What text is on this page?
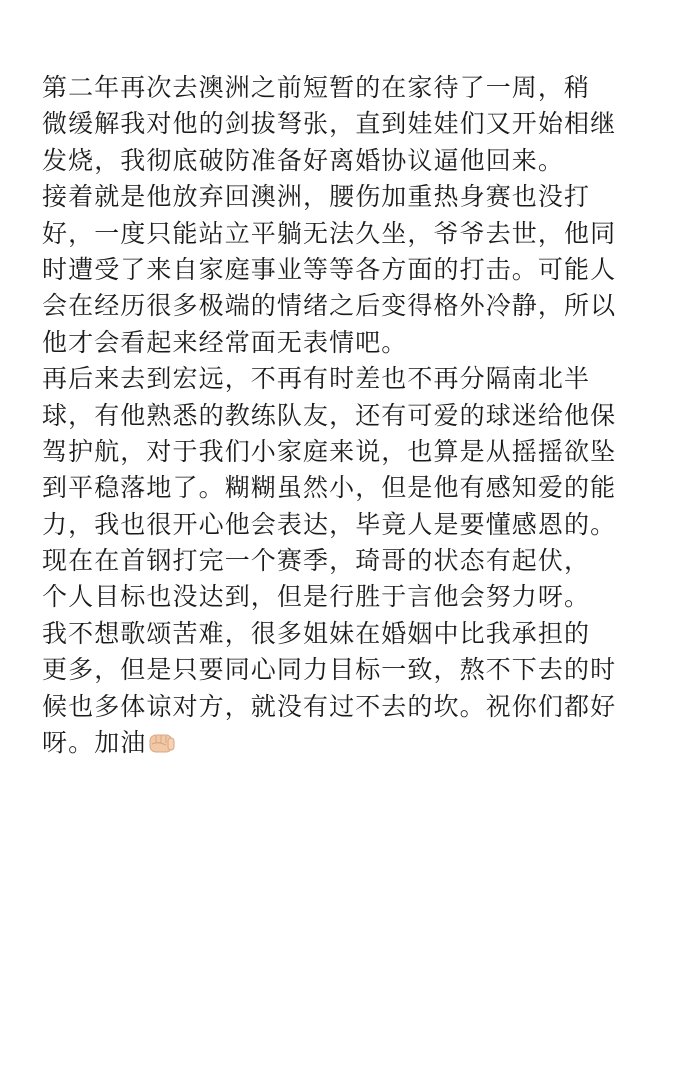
第二年再次去澳洲之前短暂的在家待了一周，稍
微缓解我对他的剑拔弩张，直到娃娃们又开始相继
发烧，我彻底破防准备好离婚协议逼他回来。
接着就是他放弃回澳洲，腰伤加重热身赛也没打
好，一度只能站立平躺无法久坐，爷爷去世，他同
时遭受了来自家庭事业等等各方面的打击。可能人
会在经历很多极端的情绪之后变得格外冷静，所以
他才会看起来经常面无表情吧。
再后来去到宏远，不再有时差也不再分隔南北半
球，有他熟悉的教练队友，还有可爱的球迷给他保
驾护航，对于我们小家庭来说，也算是从摇摇欲坠
到平稳落地了。糊糊虽然小，但是他有感知爱的能
力，我也很开心他会表达，毕竟人是要懂感恩的。
现在在首钢打完一个赛季，琦哥的状态有起伏，
个人目标也没达到，但是行胜于言他会努力呀。
我不想歌颂苦难，很多姐妹在婚姻中比我承担的
更多，但是只要同心同力目标一致，熬不下去的时
候也多体谅对方，就没有过不去的坎。祝你们都好
呀。加油
